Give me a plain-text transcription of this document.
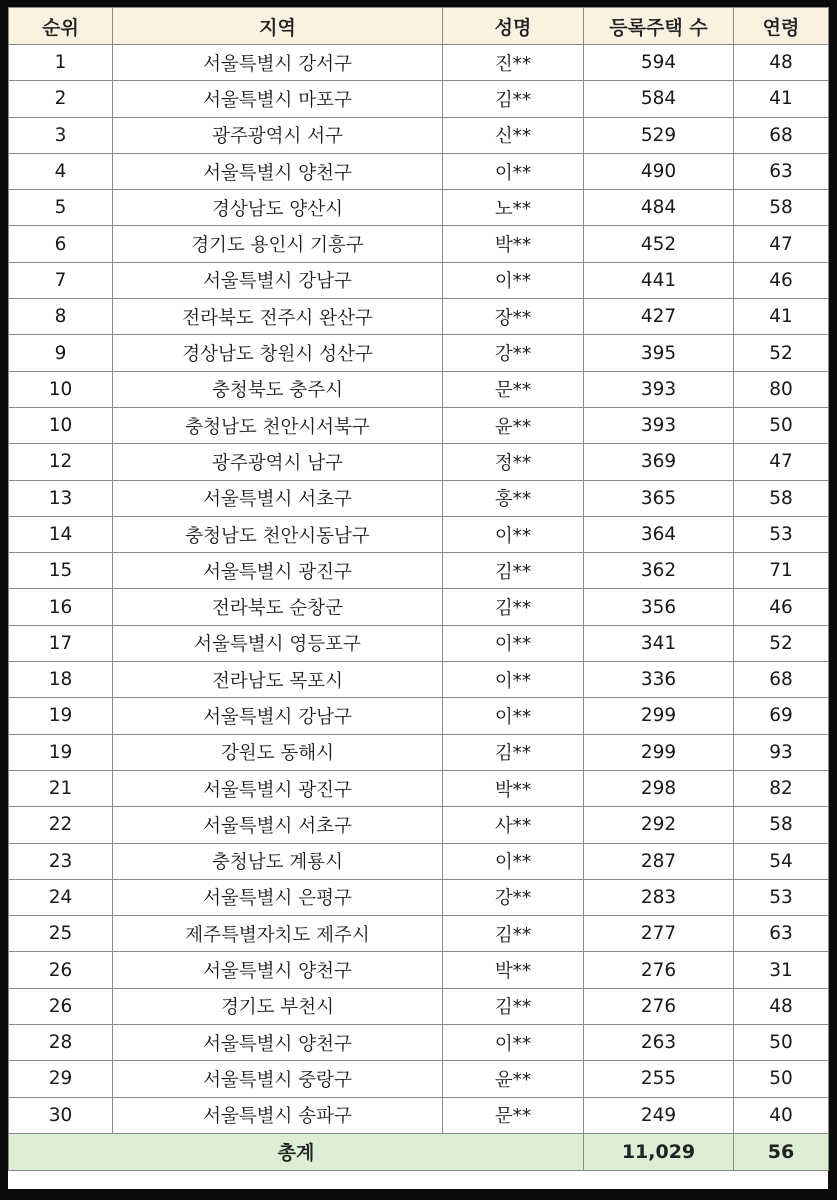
순위	지역	성명	등록주택 수	연령
1	서울특별시 강서구	진**	594	48
2	서울특별시 마포구	김**	584	41
3	광주광역시 서구	신**	529	68
4	서울특별시 양천구	이**	490	63
5	경상남도 양산시	노**	484	58
6	경기도 용인시 기흥구	박**	452	47
7	서울특별시 강남구	이**	441	46
8	전라북도 전주시 완산구	장**	427	41
9	경상남도 창원시 성산구	강**	395	52
10	충청북도 충주시	문**	393	80
10	충청남도 천안시서북구	윤**	393	50
12	광주광역시 남구	정**	369	47
13	서울특별시 서초구	홍**	365	58
14	충청남도 천안시동남구	이**	364	53
15	서울특별시 광진구	김**	362	71
16	전라북도 순창군	김**	356	46
17	서울특별시 영등포구	이**	341	52
18	전라남도 목포시	이**	336	68
19	서울특별시 강남구	이**	299	69
19	강원도 동해시	김**	299	93
21	서울특별시 광진구	박**	298	82
22	서울특별시 서초구	사**	292	58
23	충청남도 계룡시	이**	287	54
24	서울특별시 은평구	강**	283	53
25	제주특별자치도 제주시	김**	277	63
26	서울특별시 양천구	박**	276	31
26	경기도 부천시	김**	276	48
28	서울특별시 양천구	이**	263	50
29	서울특별시 중랑구	윤**	255	50
30	서울특별시 송파구	문**	249	40
총계			11,029	56
